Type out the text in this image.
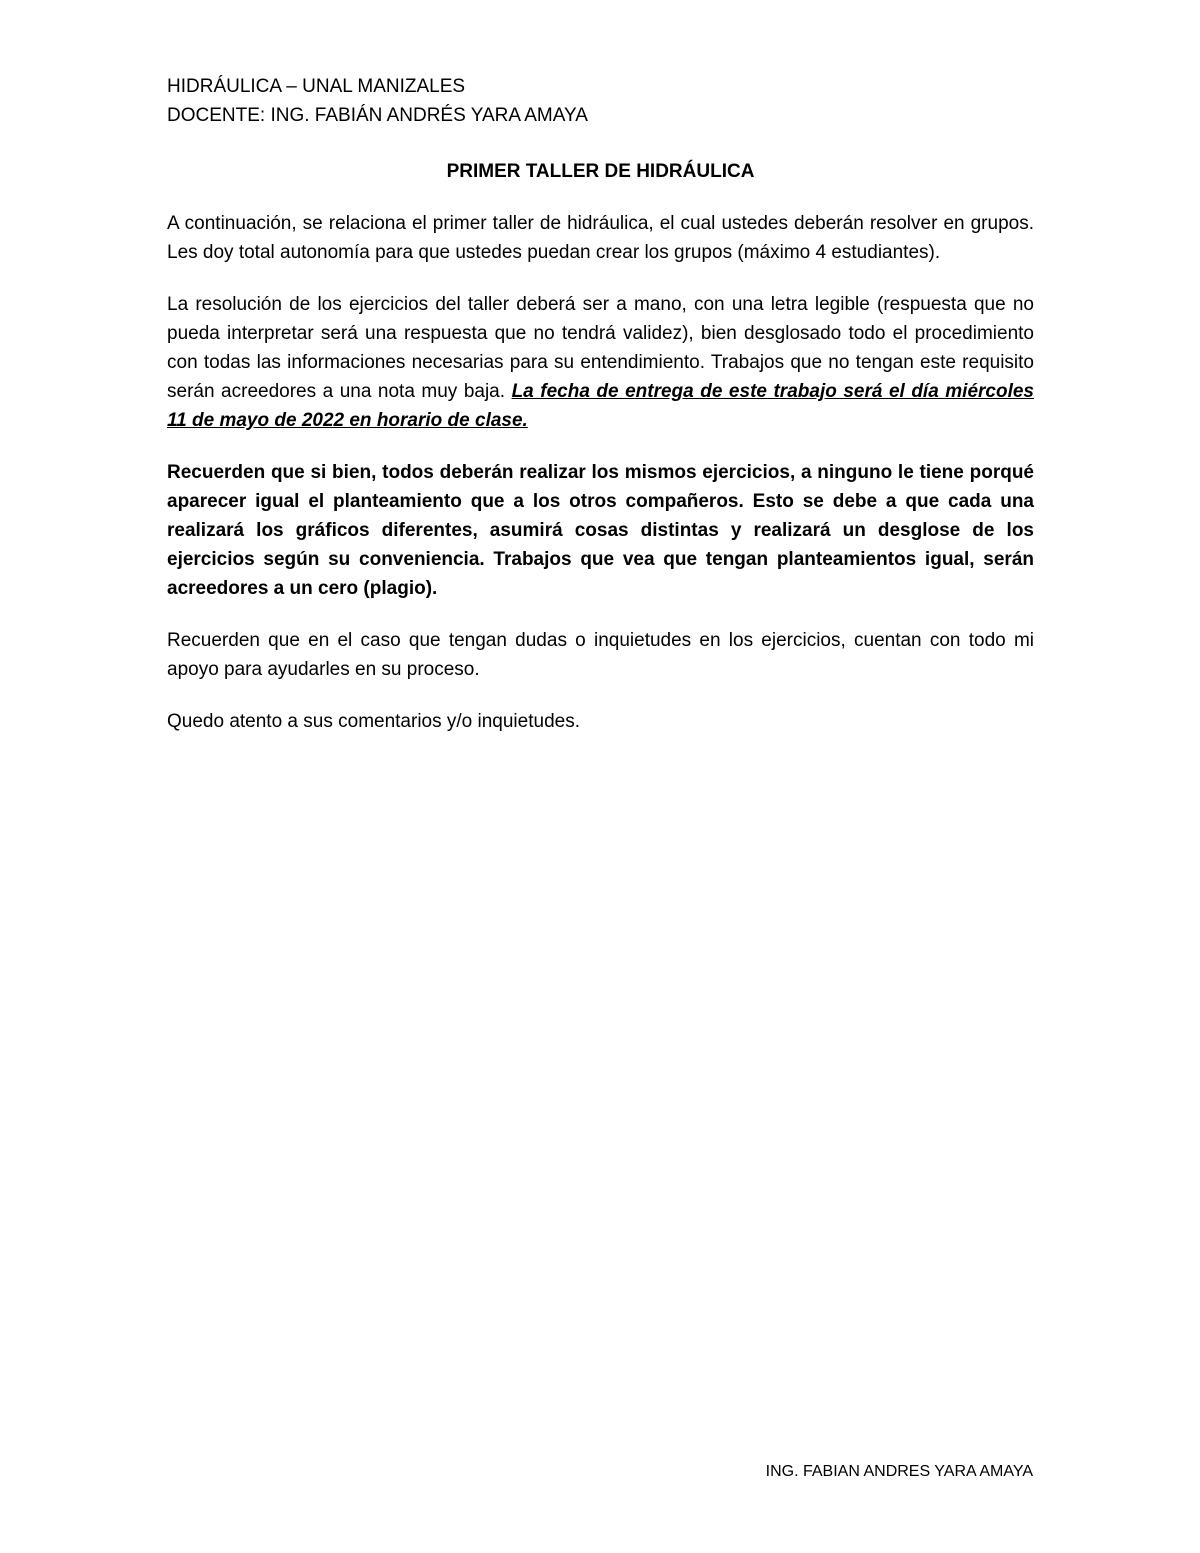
HIDRÁULICA – UNAL MANIZALES

DOCENTE: ING. FABIÁN ANDRÉS YARA AMAYA

PRIMER TALLER DE HIDRÁULICA

A continuación, se relaciona el primer taller de hidráulica, el cual ustedes deberán resolver en grupos. Les doy total autonomía para que ustedes puedan crear los grupos (máximo 4 estudiantes).

La resolución de los ejercicios del taller deberá ser a mano, con una letra legible (respuesta que no pueda interpretar será una respuesta que no tendrá validez), bien desglosado todo el procedimiento con todas las informaciones necesarias para su entendimiento. Trabajos que no tengan este requisito serán acreedores a una nota muy baja. La fecha de entrega de este trabajo será el día miércoles 11 de mayo de 2022 en horario de clase.

Recuerden que si bien, todos deberán realizar los mismos ejercicios, a ninguno le tiene porqué aparecer igual el planteamiento que a los otros compañeros. Esto se debe a que cada una realizará los gráficos diferentes, asumirá cosas distintas y realizará un desglose de los ejercicios según su conveniencia. Trabajos que vea que tengan planteamientos igual, serán acreedores a un cero (plagio).

Recuerden que en el caso que tengan dudas o inquietudes en los ejercicios, cuentan con todo mi apoyo para ayudarles en su proceso.

Quedo atento a sus comentarios y/o inquietudes.

ING. FABIAN ANDRES YARA AMAYA
